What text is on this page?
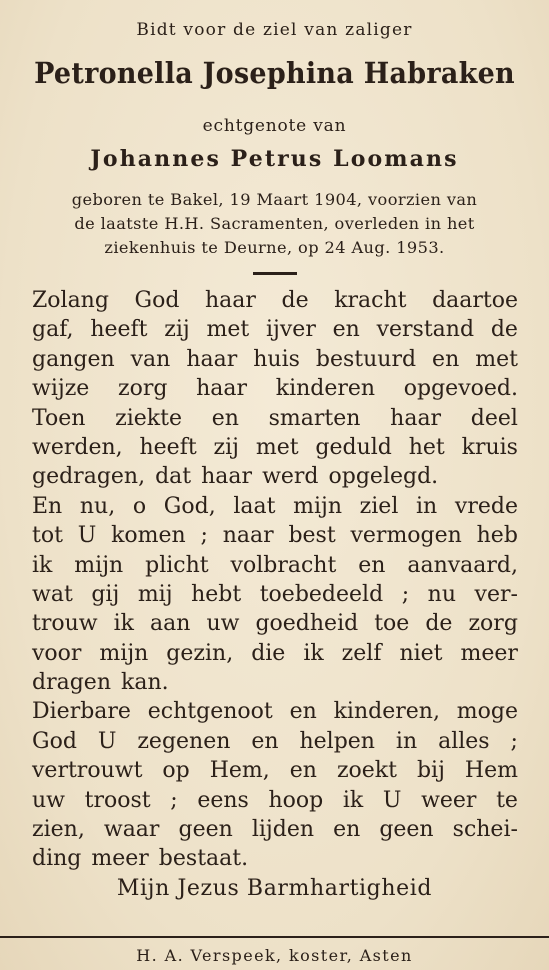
Bidt voor de ziel van zaliger
Petronella Josephina Habraken
echtgenote van
Johannes Petrus Loomans
geboren te Bakel, 19 Maart 1904, voorzien van
de laatste H.H. Sacramenten, overleden in het
ziekenhuis te Deurne, op 24 Aug. 1953.
Zolang God haar de kracht daartoe
gaf, heeft zij met ijver en verstand de
gangen van haar huis bestuurd en met
wijze zorg haar kinderen opgevoed.
Toen ziekte en smarten haar deel
werden, heeft zij met geduld het kruis
gedragen, dat haar werd opgelegd.
En nu, o God, laat mijn ziel in vrede
tot U komen ; naar best vermogen heb
ik mijn plicht volbracht en aanvaard,
wat gij mij hebt toebedeeld ; nu ver-
trouw ik aan uw goedheid toe de zorg
voor mijn gezin, die ik zelf niet meer
dragen kan.
Dierbare echtgenoot en kinderen, moge
God U zegenen en helpen in alles ;
vertrouwt op Hem, en zoekt bij Hem
uw troost ; eens hoop ik U weer te
zien, waar geen lijden en geen schei-
ding meer bestaat.
Mijn Jezus Barmhartigheid
H. A. Verspeek, koster, Asten
